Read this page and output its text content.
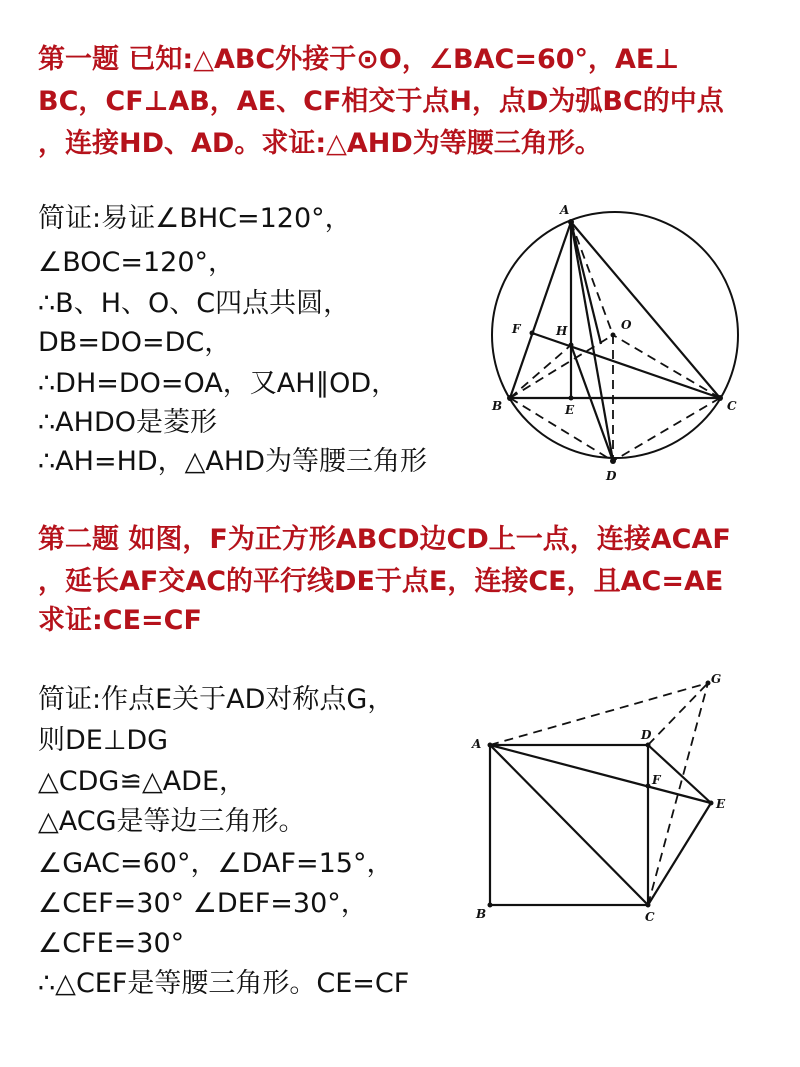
第一题 已知:△ABC外接于⊙O，∠BAC=60°，AE⊥
BC，CF⊥AB，AE、CF相交于点H，点D为弧BC的中点
，连接HD、AD。求证:△AHD为等腰三角形。
简证:易证∠BHC=120°，
∠BOC=120°，
∴B、H、O、C四点共圆，
DB=DO=DC，
∴DH=DO=OA，又AH∥OD，
∴AHDO是菱形
∴AH=HD，△AHD为等腰三角形
A
B	C
D
E
F	H	O
第二题 如图，F为正方形ABCD边CD上一点，连接ACAF
，延长AF交AC的平行线DE于点E，连接CE，且AC=AE
求证:CE=CF
简证:作点E关于AD对称点G，
则DE⊥DG
△CDG≌△ADE，
△ACG是等边三角形。
∠GAC=60°，∠DAF=15°，
∠CEF=30° ∠DEF=30°，
∠CFE=30°
∴△CEF是等腰三角形。CE=CF
A
B	C
D
E
F
G
